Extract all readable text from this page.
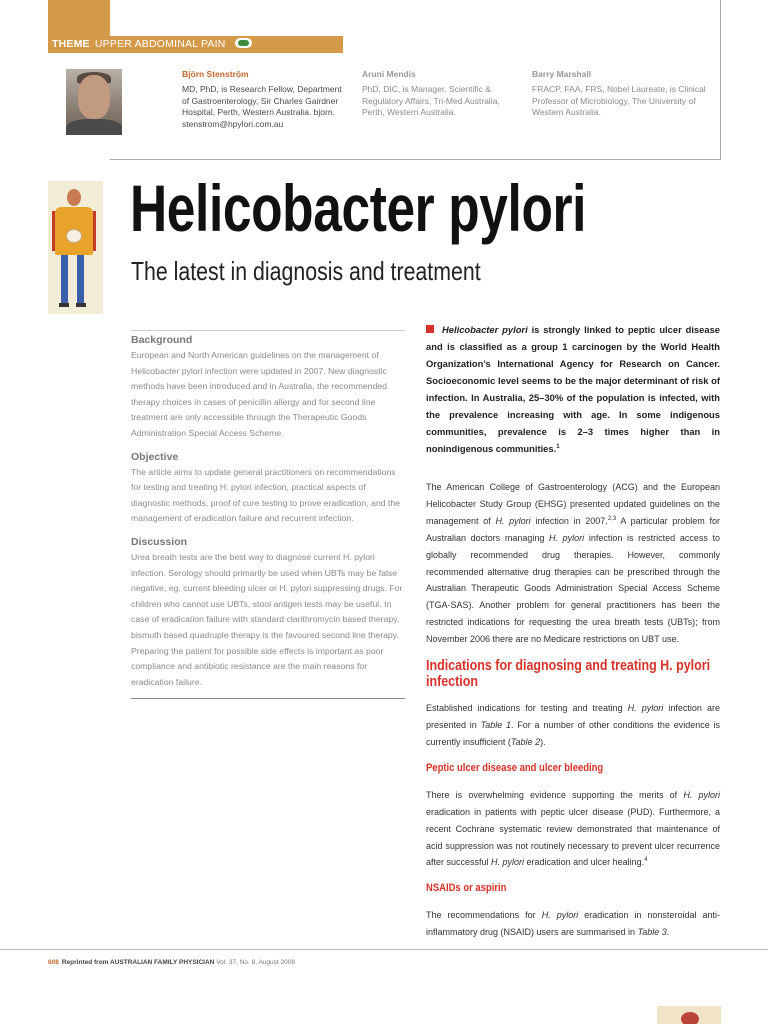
THEME UPPER ABDOMINAL PAIN
Björn Stenström
MD, PhD, is Research Fellow, Department
of Gastroenterology, Sir Charles Gairdner
Hospital, Perth, Western Australia. bjorn.
stenstrom@hpylori.com.au
Aruni Mendis
PhD, DIC, is Manager, Scientific &
Regulatory Affairs, Tri-Med Australia,
Perth, Western Australia.
Barry Marshall
FRACP, FAA, FRS, Nobel Laureate, is Clinical
Professor of Microbiology, The University of
Western Australia.
Helicobacter pylori
The latest in diagnosis and treatment
Background

European and North American guidelines on the management of Helicobacter pylori infection were updated in 2007. New diagnostic methods have been introduced and in Australia, the recommended therapy choices in cases of penicillin allergy and for second line treatment are only accessible through the Therapeutic Goods Administration Special Access Scheme.

Objective

The article aims to update general practitioners on recommendations for testing and treating H. pylori infection, practical aspects of diagnostic methods, proof of cure testing to prove eradication, and the management of eradication failure and recurrent infection.

Discussion

Urea breath tests are the best way to diagnose current H. pylori infection. Serology should primarily be used when UBTs may be false negative, eg. current bleeding ulcer or H. pylori suppressing drugs. For children who cannot use UBTs, stool antigen tests may be useful. In case of eradication failure with standard clarithromycin based therapy, bismuth based quadruple therapy is the favoured second line therapy. Preparing the patient for possible side effects is important as poor compliance and antibiotic resistance are the main reasons for eradication failure.

Helicobacter pylori is strongly linked to peptic ulcer disease and is classified as a group 1 carcinogen by the World Health Organization’s International Agency for Research on Cancer. Socioeconomic level seems to be the major determinant of risk of infection. In Australia, 25–30% of the population is infected, with the prevalence increasing with age. In some indigenous communities, prevalence is 2–3 times higher than in nonindigenous communities.$^1$

The American College of Gastroenterology (ACG) and the European Helicobacter Study Group (EHSG) presented updated guidelines on the management of H. pylori infection in 2007.$^{2,3}$ A particular problem for Australian doctors managing H. pylori infection is restricted access to globally recommended drug therapies. However, commonly recommended alternative drug therapies can be prescribed through the Australian Therapeutic Goods Administration Special Access Scheme (TGA-SAS). Another problem for general practitioners has been the restricted indications for requesting the urea breath tests (UBTs); from November 2006 there are no Medicare restrictions on UBT use.

Indications for diagnosing and treating H. pylori infection

Established indications for testing and treating H. pylori infection are presented in Table 1. For a number of other conditions the evidence is currently insufficient (Table 2).

Peptic ulcer disease and ulcer bleeding

There is overwhelming evidence supporting the merits of H. pylori eradication in patients with peptic ulcer disease (PUD). Furthermore, a recent Cochrane systematic review demonstrated that maintenance of acid suppression was not routinely necessary to prevent ulcer recurrence after successful H. pylori eradication and ulcer healing.$^4$

NSAIDs or aspirin

The recommendations for H. pylori eradication in nonsteroidal anti-inflammatory drug (NSAID) users are summarised in Table 3.

608 Reprinted from AUSTRALIAN FAMILY PHYSICIAN Vol. 37, No. 8, August 2008
